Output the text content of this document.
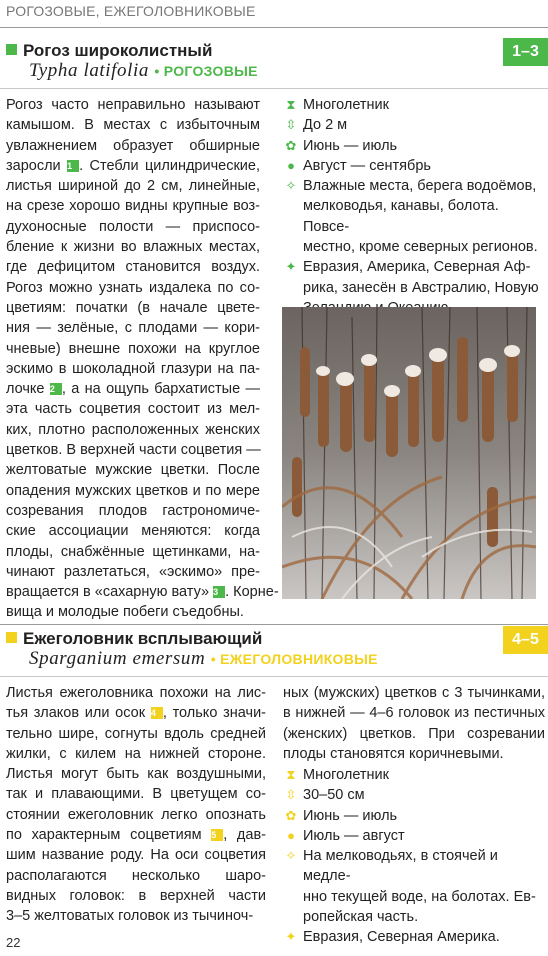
РОГОЗОВЫЕ, ЕЖЕГОЛОВНИКОВЫЕ
Рогоз широколистный	1–3
Typha latifolia • РОГОЗОВЫЕ
Рогоз часто неправильно называют
камышом. В местах с избыточным
увлажнением образует обширные
заросли 1 . Стебли цилиндрические,
листья шириной до 2 см, линейные,
на срезе хорошо видны крупные воз-
духоносные полости — приспосо-
бление к жизни во влажных местах,
где дефицитом становится воздух.
Рогоз можно узнать издалека по со-
цветиям: початки (в начале цвете-
ния — зелёные, с плодами — кори-
чневые) внешне похожи на круглое
эскимо в шоколадной глазури на па-
лочке 2 , а на ощупь бархатистые —
эта часть соцветия состоит из мел-
ких, плотно расположенных женских
цветков. В верхней части соцветия —
желтоватые мужские цветки. После
опадения мужских цветков и по мере
созревания плодов гастрономиче-
ские ассоциации меняются: когда
плоды, снабжённые щетинками, на-
чинают разлетаться, «эскимо» пре-
вращается в «сахарную вату» 3 . Корне-
вища и молодые побеги съедобны.
⧗ Многолетник
⇳ До 2 м
✿ Июнь — июль
● Август — сентябрь
✧ Влажные места, берега водоёмов,
мелководья, канавы, болота. Повсе-
местно, кроме северных регионов.
✦ Евразия, Америка, Северная Аф-
рика, занесён в Австралию, Новую
Ежеголовник всплывающий	4–5
Sparganium emersum • ЕЖЕГОЛОВНИКОВЫЕ
Листья ежеголовника похожи на лис-
тья злаков или осок 4 , только значи-
тельно шире, согнуты вдоль средней
жилки, с килем на нижней стороне.
Листья могут быть как воздушными,
так и плавающими. В цветущем со-
стоянии ежеголовник легко опознать
по характерным соцветиям 5 , дав-
шим название роду. На оси соцветия
располагаются несколько шаро-
видных головок: в верхней части
3–5 желтоватых головок из тычиноч-
ных (мужских) цветков с 3 тычинками,
в нижней — 4–6 головок из пестичных
(женских) цветков. При созревании
плоды становятся коричневыми.
⧗ Многолетник
⇳ 30–50 см
✿ Июнь — июль
● Июль — август
✧ На мелководьях, в стоячей и медле-
нно текущей воде, на болотах. Ев-
ропейская часть.
✦ Евразия, Северная Америка.
22
